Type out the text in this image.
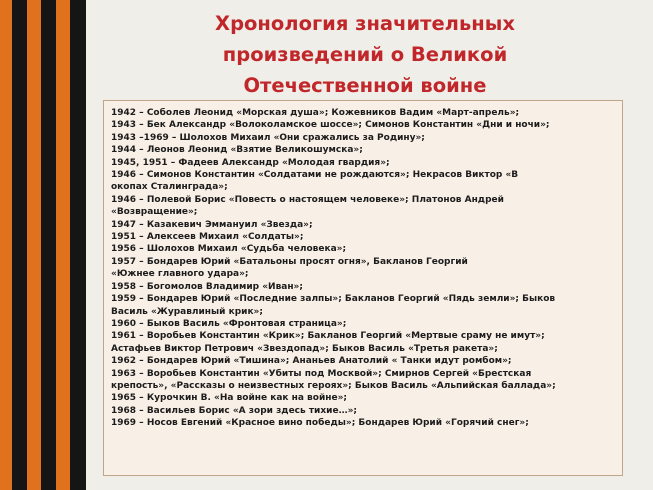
Хронология значительных
произведений о Великой
Отечественной войне
1942 – Соболев Леонид «Морская душа»; Кожевников Вадим «Март-апрель»;
1943 – Бек Александр «Волоколамское шоссе»; Симонов Константин «Дни и ночи»;
1943 –1969 – Шолохов Михаил «Они сражались за Родину»;
1944 – Леонов Леонид «Взятие Великошумска»;
1945, 1951 – Фадеев Александр «Молодая гвардия»;
1946 – Симонов Константин «Солдатами не рождаются»; Некрасов Виктор «В
окопах Сталинграда»;
1946 – Полевой Борис «Повесть о настоящем человеке»; Платонов Андрей
«Возвращение»;
1947 – Казакевич Эммануил «Звезда»;
1951 – Алексеев Михаил «Солдаты»;
1956 – Шолохов Михаил «Судьба человека»;
1957 – Бондарев Юрий «Батальоны просят огня», Бакланов Георгий
«Южнее главного удара»;
1958 – Богомолов Владимир «Иван»;
1959 – Бондарев Юрий «Последние залпы»; Бакланов Георгий «Пядь земли»; Быков
Василь «Журавлиный крик»;
1960 – Быков Василь «Фронтовая страница»;
1961 – Воробьев Константин «Крик»; Бакланов Георгий «Мертвые сраму не имут»;
Астафьев Виктор Петрович «Звездопад»; Быков Василь «Третья ракета»;
1962 – Бондарев Юрий «Тишина»; Ананьев Анатолий « Танки идут ромбом»;
1963 – Воробьев Константин «Убиты под Москвой»; Смирнов Сергей «Брестская
крепость», «Рассказы о неизвестных героях»; Быков Василь «Альпийская баллада»;
1965 – Курочкин В. «На войне как на войне»;
1968 – Васильев Борис «А зори здесь тихие…»;
1969 – Носов Евгений «Красное вино победы»; Бондарев Юрий «Горячий снег»;
